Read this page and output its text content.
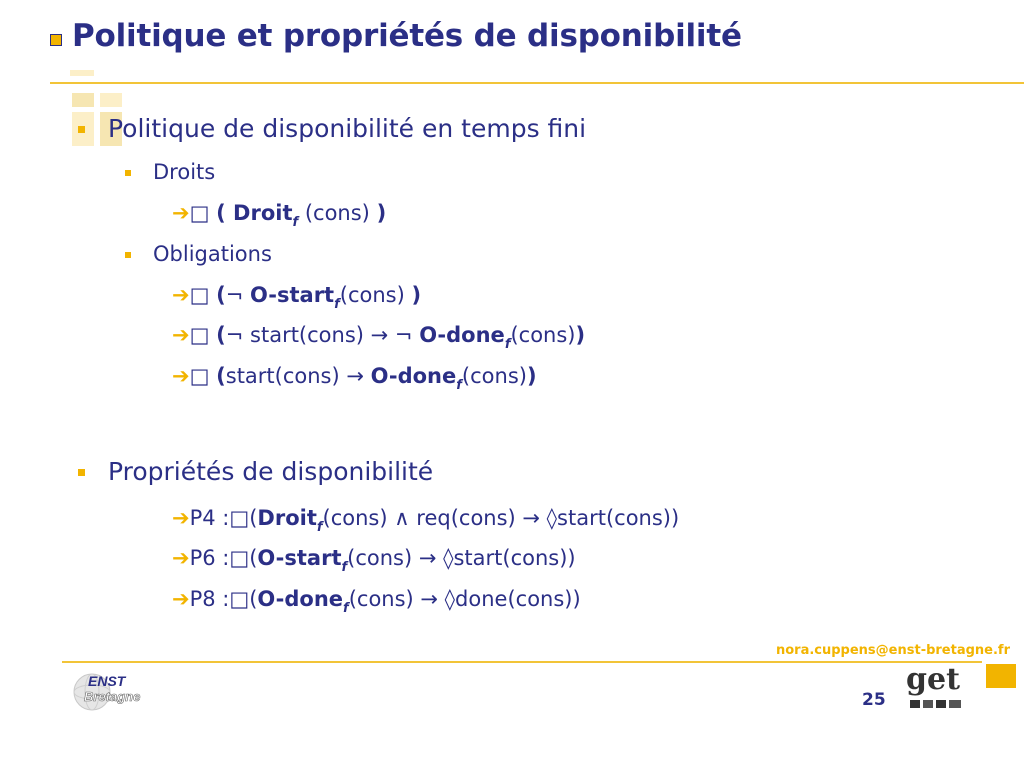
Politique et propriétés de disponibilité
Politique de disponibilité en temps fini
Droits
➔□ ( Droit$_f$ (cons) )
Obligations
➔□ (¬ O-start$_f$(cons) )
➔□ (¬ start(cons) → ¬ O-done$_f$(cons))
➔□ (start(cons) → O-done$_f$(cons))
Propriétés de disponibilité
➔P4 :□(Droit$_f$(cons) ∧ req(cons) → ◊start(cons))
➔P6 :□(O-start$_f$(cons) → ◊start(cons))
➔P8 :□(O-done$_f$(cons) → ◊done(cons))
nora.cuppens@enst-bretagne.fr
ENST
Bretagne	25
get
